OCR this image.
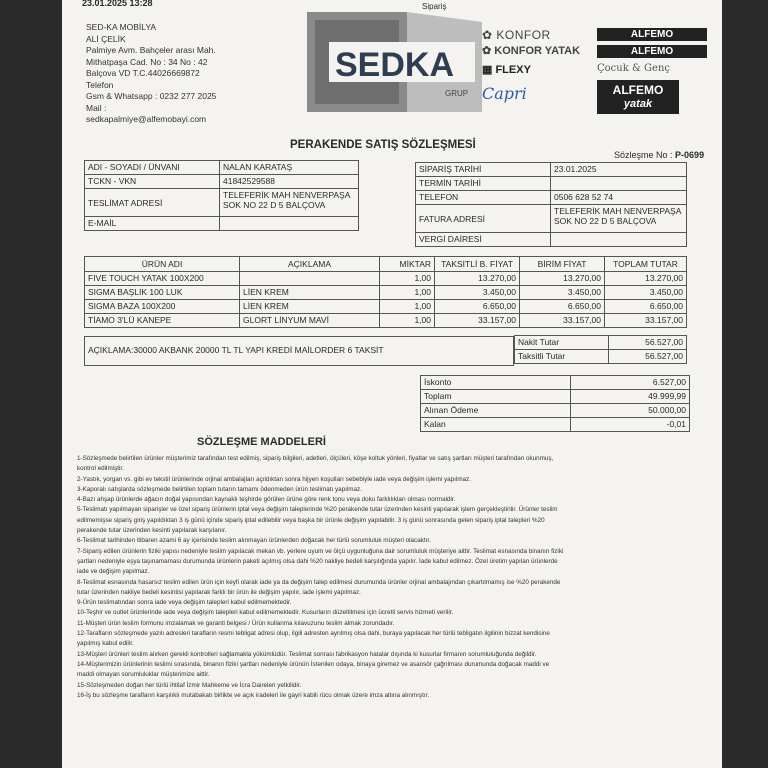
23.01.2025 13:28	Sipariş
SED-KA MOBİLYA
ALİ ÇELİK
Palmiye Avm. Bahçeler arası Mah.
Mithatpaşa Cad. No : 34 No : 42
Balçova VD T.C.44026669872
Telefon
Gsm & Whatsapp : 0232 277 2025
Mail :
sedkapalmiye@alfemobayi.com
SEDKA
GRUP
✿ KONFOR
✿ KONFOR YATAK
▦ FLEXY
Capri
ALFEMO
ALFEMO
Çocuk & Genç
ALFEMO
yatak
PERAKENDE SATIŞ SÖZLEŞMESİ
Sözleşme No : P-0699
ADI - SOYADI / ÜNVANI	NALAN KARATAŞ
TCKN - VKN	41842529588
TESLİMAT ADRESİ	TELEFERİK MAH NENVERPAŞA
SOK NO 22 D 5 BALÇOVA

E-MAİL	
SİPARİŞ TARİHİ	23.01.2025
TERMİN TARİHİ	
TELEFON	0506 628 52 74
FATURA ADRESİ	TELEFERİK MAH NENVERPAŞA
SOK NO 22 D 5 BALÇOVA

VERGİ DAİRESİ	
ÜRÜN ADI	AÇIKLAMA	MİKTAR	TAKSİTLİ B. FİYAT	BİRİM FİYAT	TOPLAM TUTAR
FIVE TOUCH YATAK 100X200		1,00	13.270,00	13.270,00	13.270,00
SIGMA BAŞLIK 100 LUK	LİEN KREM	1,00	3.450,00	3.450,00	3.450,00
SIGMA BAZA 100X200	LİEN KREM	1,00	6.650,00	6.650,00	6.650,00
TİAMO 3'LÜ KANEPE	GLORT LİNYUM MAVİ	1,00	33.157,00	33.157,00	33.157,00
AÇIKLAMA:30000 AKBANK 20000 TL TL YAPI KREDİ MAİLORDER 6 TAKSİT
Nakit Tutar	56.527,00
Taksitli Tutar	56.527,00
İskonto	6.527,00
Toplam	49.999,99
Alınan Ödeme	50.000,00
Kalan	-0,01
SÖZLEŞME MADDELERİ
1-Sözleşmede belirtilen ürünler müşterimiz tarafından test edilmiş, sipariş bilgileri, adetleri, ölçüleri, köşe koltuk yönleri, fiyatlar ve satış şartları müşteri tarafından okunmuş,
kontrol edilmiştir.
2-Yastık, yorgan vs. gibi ev tekstil ürünlerinde orjinal ambalajları açıldıktan sonra hijyen koşulları sebebiyle iade veya değişim işlemi yapılmaz.
3-Kaporalı satışlarda sözleşmede belirtilen toplam tutarın tamamı ödenmeden ürün teslimatı yapılmaz.
4-Bazı ahşap ürünlerde ağacın doğal yapısından kaynaklı teşhirde görülen ürüne göre renk tonu veya doku farklılıkları olması normaldir.
5-Teslimatı yapılmayan siparişler ve özel sipariş ürünlerin iptal veya değişim taleplerinde %20 perakende tutar üzerinden kesinti yapılarak işlem gerçekleştirilir. Ürünler teslim
edilmemişse sipariş giriş yapıldıktan 3 iş günü içinde sipariş iptal edilebilir veya başka bir ürünle değişim yapılabilir. 3 iş günü sonrasında gelen sipariş iptal talepleri %20
perakende tutar üzerinden kesinti yapılarak karşılanır.
6-Teslimat tarihinden itibaren azami 6 ay içerisinde teslim alınmayan ürünlerden doğacak her türlü sorumluluk müşteri olacaktır.
7-Sipariş edilen ürünlerin fiziki yapısı nedeniyle teslim yapılacak mekan vb. yerlere uyum ve ölçü uygunluğuna dair sorumluluk müşteriye aittir. Teslimat esnasında binanın fiziki
şartları nedeniyle eşya taşınamaması durumunda ürünlerin paketi açılmış olsa dahi %20 nakliye bedeli karşılığında yapılır. İade kabul edilmez. Özel üretim yapılan ürünlerde
iade ve değişim yapılmaz.
8-Teslimat esnasında hasarsız teslim edilen ürün için keyfi olarak iade ya da değişim talep edilmesi durumunda ürünler orjinal ambalajından çıkartılmamış ise %20 perakende
tutar üzerinden nakliye bedeli kesintisi yapılarak farklı bir ürün ile değişim yapılır, iade işlemi yapılmaz.
9-Ürün teslimatından sonra iade veya değişim talepleri kabul edilmemektedir.
10-Teşhir ve outlet ürünlerinde iade veya değişim talepleri kabul edilmemektedir. Kusurların düzeltilmesi için ücretli servis hizmeti verilir.
11-Müşteri ürün teslim formunu imzalamak ve garanti belgesi / Ürün kullanma kılavuzunu teslim almak zorundadır.
12-Tarafların sözleşmede yazılı adresleri tarafların resmi tebligat adresi olup, ilgili adresten ayrılmış olsa dahi, buraya yapılacak her türlü tebligatın ilgilinin bizzat kendisine
yapılmış kabul edilir.
13-Müşteri ürünleri teslim alırken gerekli kontrolleri sağlamakla yükümlüdür. Teslimat sonrası fabrikasyon hatalar dışında ki kusurlar firmanın sorumluluğunda değildir.
14-Müşterimizin ürünlerinin teslimi sırasında, binanın fiziki şartları nedeniyle ürünün İstenilen odaya, binaya giremez ve asansör çağrılması durumunda doğacak maddi ve
maddi olmayan sorumluluklar müşterimize aittir.
15-Sözleşmeden doğan her türlü ihtilaf İzmir Mahkeme ve İcra Daireleri yetkilidir.
16-İş bu sözleşme tarafların karşılıklı mutabakatı birlikte ve açık iradeleri ile gayri kabili rücu olmak üzere imza altına alınmıştır.
